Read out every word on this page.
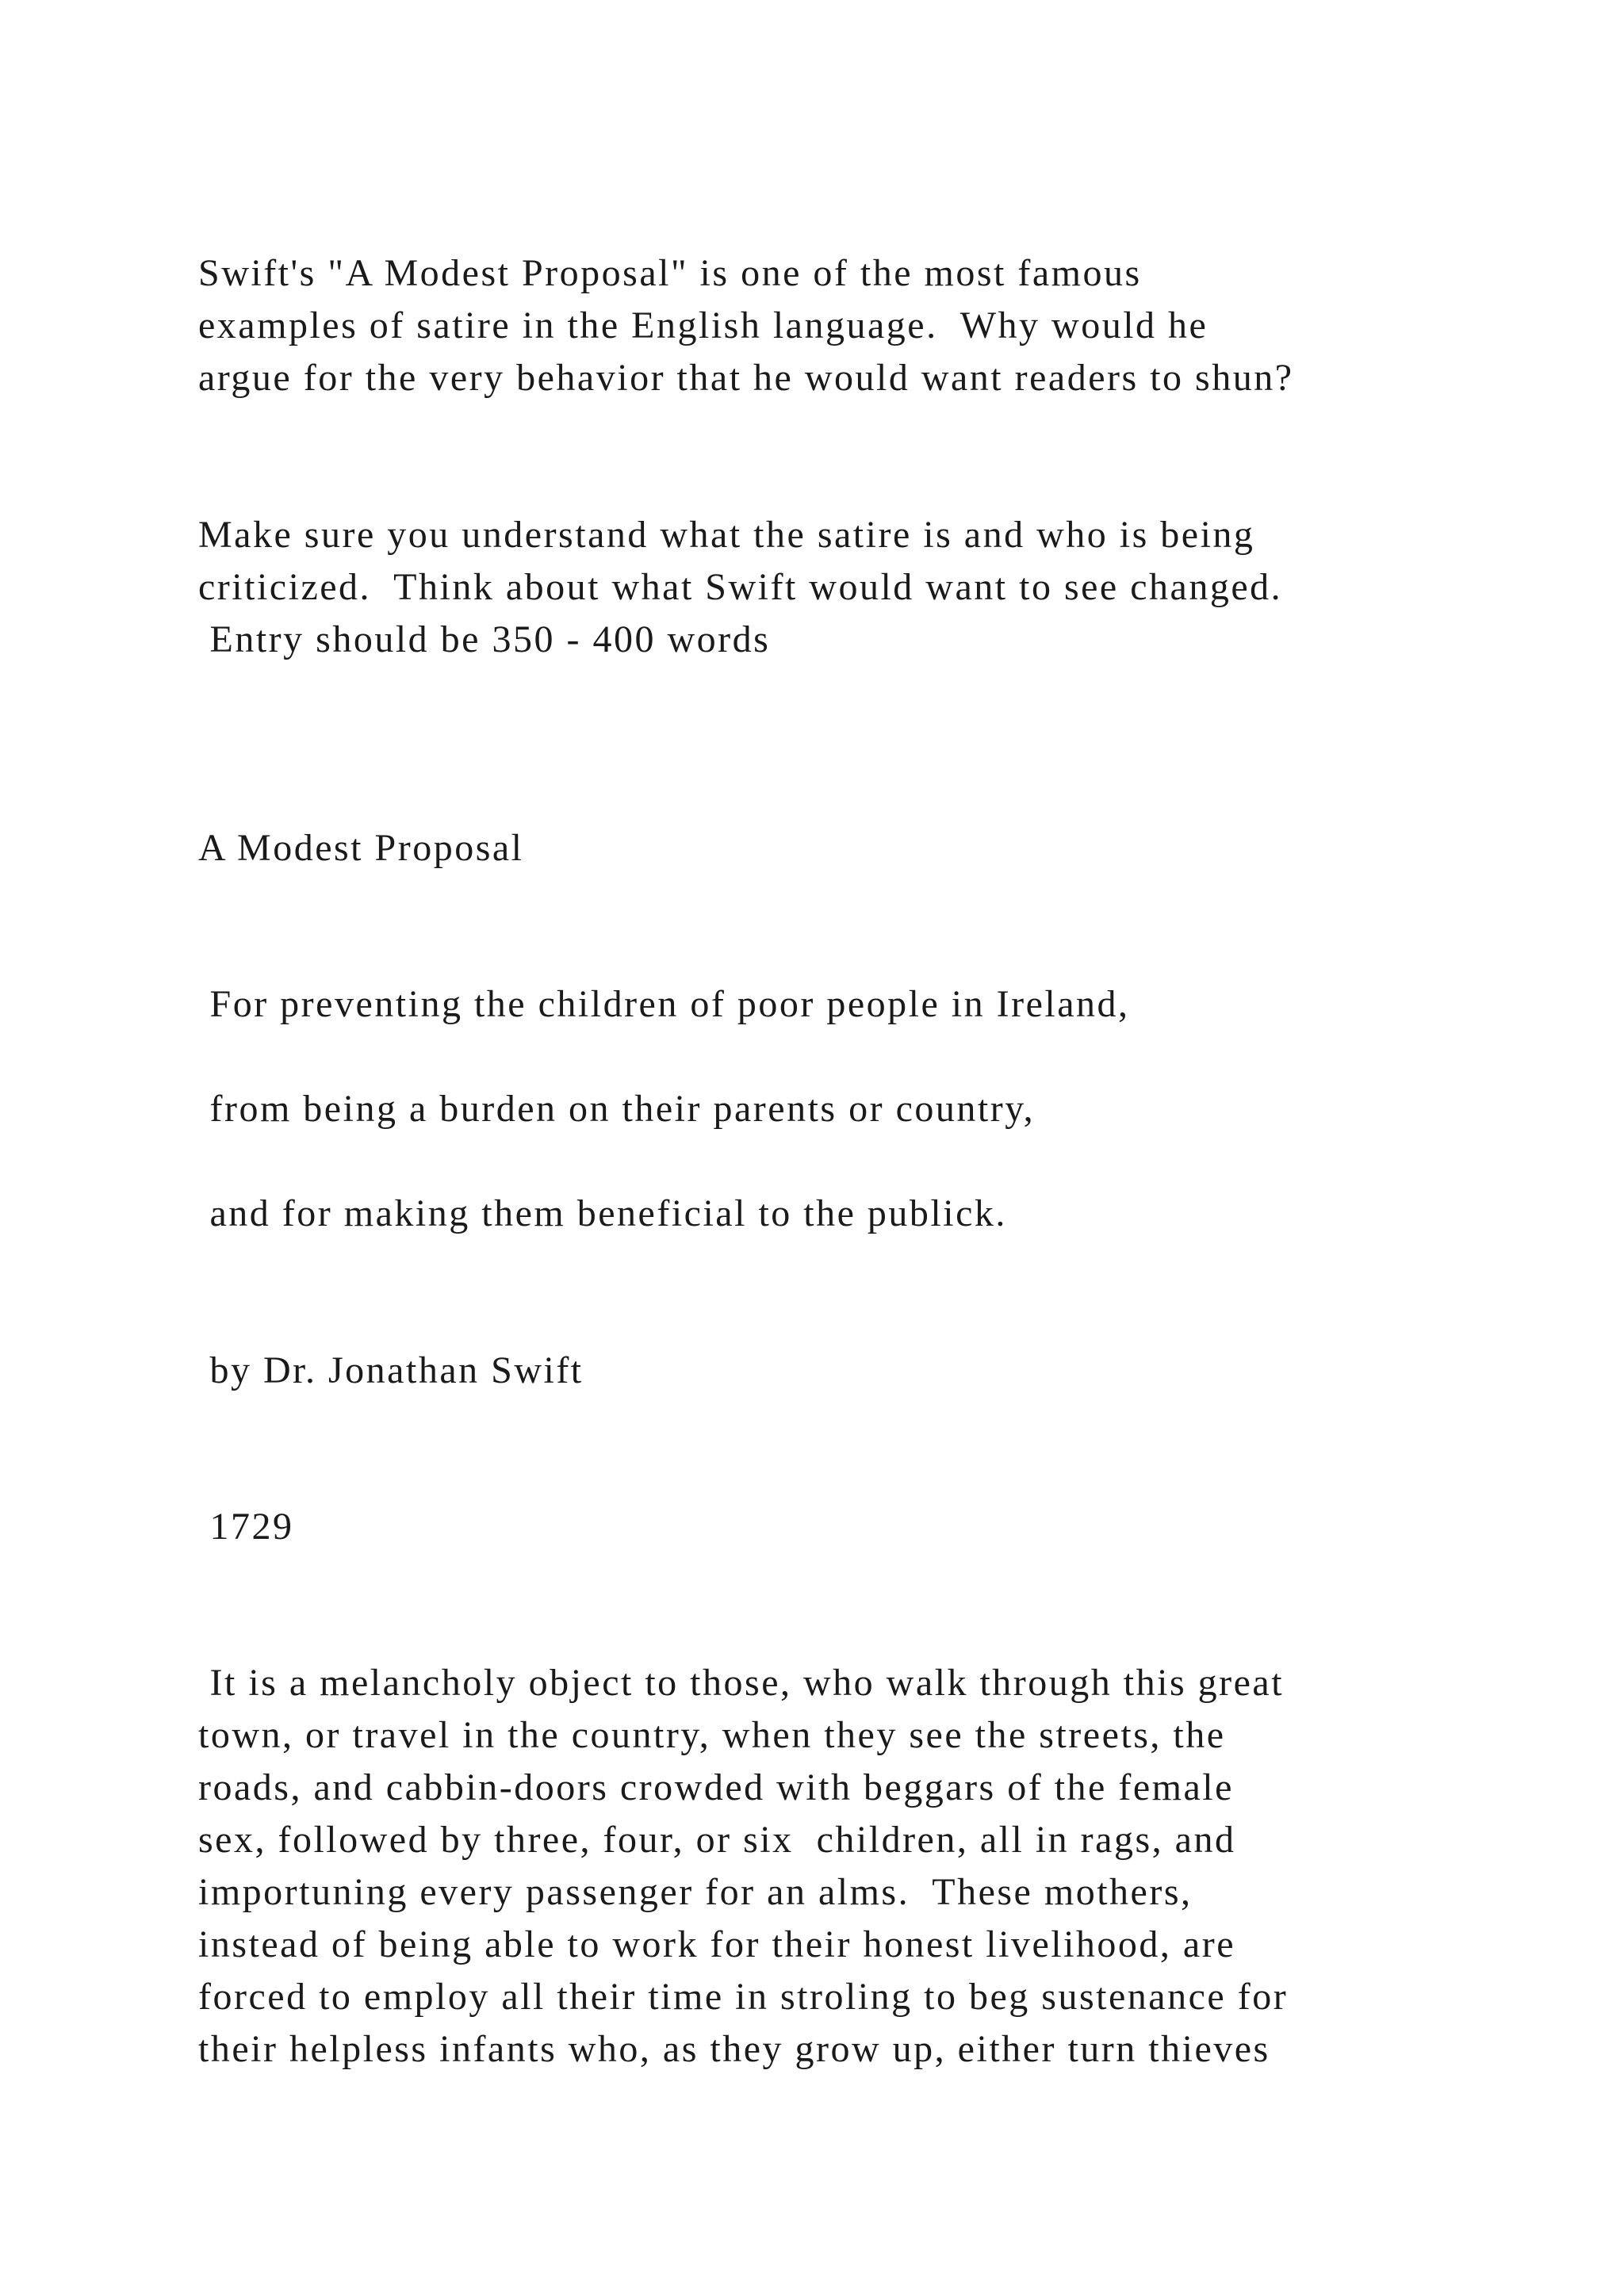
Swift's "A Modest Proposal" is one of the most famous

examples of satire in the English language.  Why would he

argue for the very behavior that he would want readers to shun?

Make sure you understand what the satire is and who is being

criticized.  Think about what Swift would want to see changed.

Entry should be 350 - 400 words

A Modest Proposal

For preventing the children of poor people in Ireland,

from being a burden on their parents or country,

and for making them beneficial to the publick.

by Dr. Jonathan Swift

1729

It is a melancholy object to those, who walk through this great

town, or travel in the country, when they see the streets, the

roads, and cabbin-doors crowded with beggars of the female

sex, followed by three, four, or six  children, all in rags, and

importuning every passenger for an alms.  These mothers,

instead of being able to work for their honest livelihood, are

forced to employ all their time in stroling to beg sustenance for

their helpless infants who, as they grow up, either turn thieves
